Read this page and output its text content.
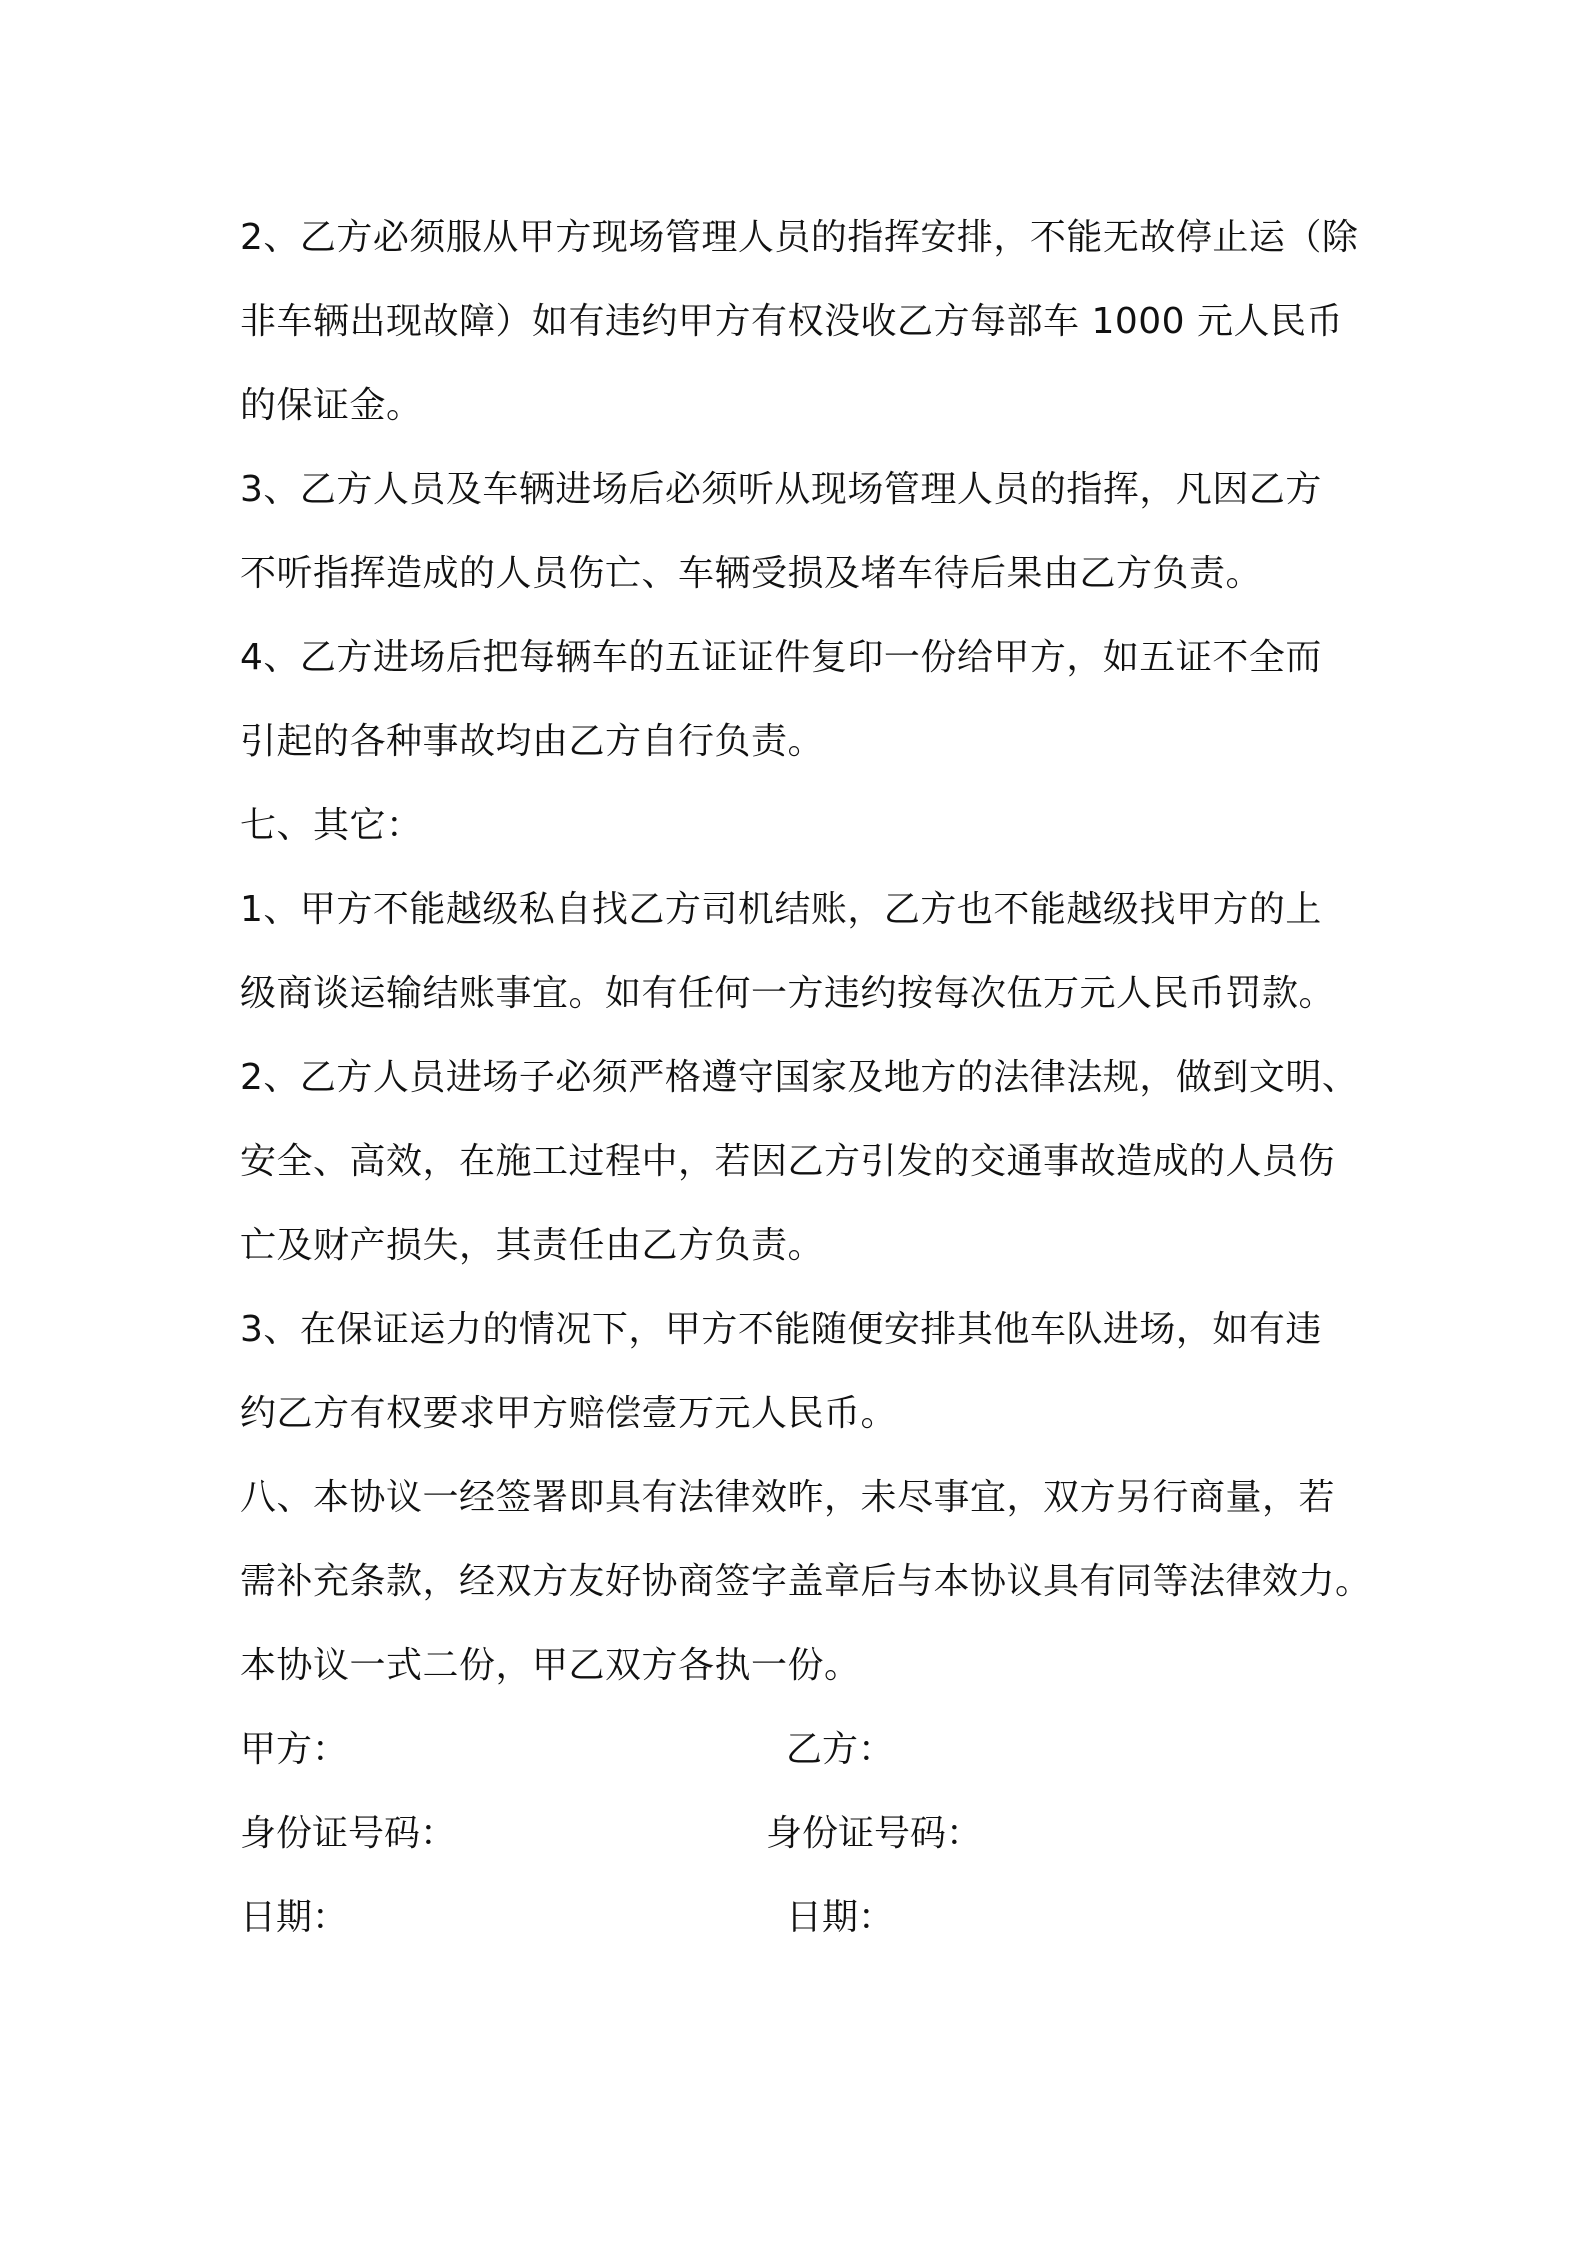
2、乙方必须服从甲方现场管理人员的指挥安排，不能无故停止运（除
非车辆出现故障）如有违约甲方有权没收乙方每部车 1000 元人民币
的保证金。
3、乙方人员及车辆进场后必须听从现场管理人员的指挥，凡因乙方
不听指挥造成的人员伤亡、车辆受损及堵车待后果由乙方负责。
4、乙方进场后把每辆车的五证证件复印一份给甲方，如五证不全而
引起的各种事故均由乙方自行负责。
七、其它：
1、甲方不能越级私自找乙方司机结账，乙方也不能越级找甲方的上
级商谈运输结账事宜。如有任何一方违约按每次伍万元人民币罚款。
2、乙方人员进场子必须严格遵守国家及地方的法律法规，做到文明、
安全、高效，在施工过程中，若因乙方引发的交通事故造成的人员伤
亡及财产损失，其责任由乙方负责。
3、在保证运力的情况下，甲方不能随便安排其他车队进场，如有违
约乙方有权要求甲方赔偿壹万元人民币。
八、本协议一经签署即具有法律效昨，未尽事宜，双方另行商量，若
需补充条款，经双方友好协商签字盖章后与本协议具有同等法律效力。
本协议一式二份，甲乙双方各执一份。
甲方：	乙方：
身份证号码：	身份证号码：
日期：	日期：
